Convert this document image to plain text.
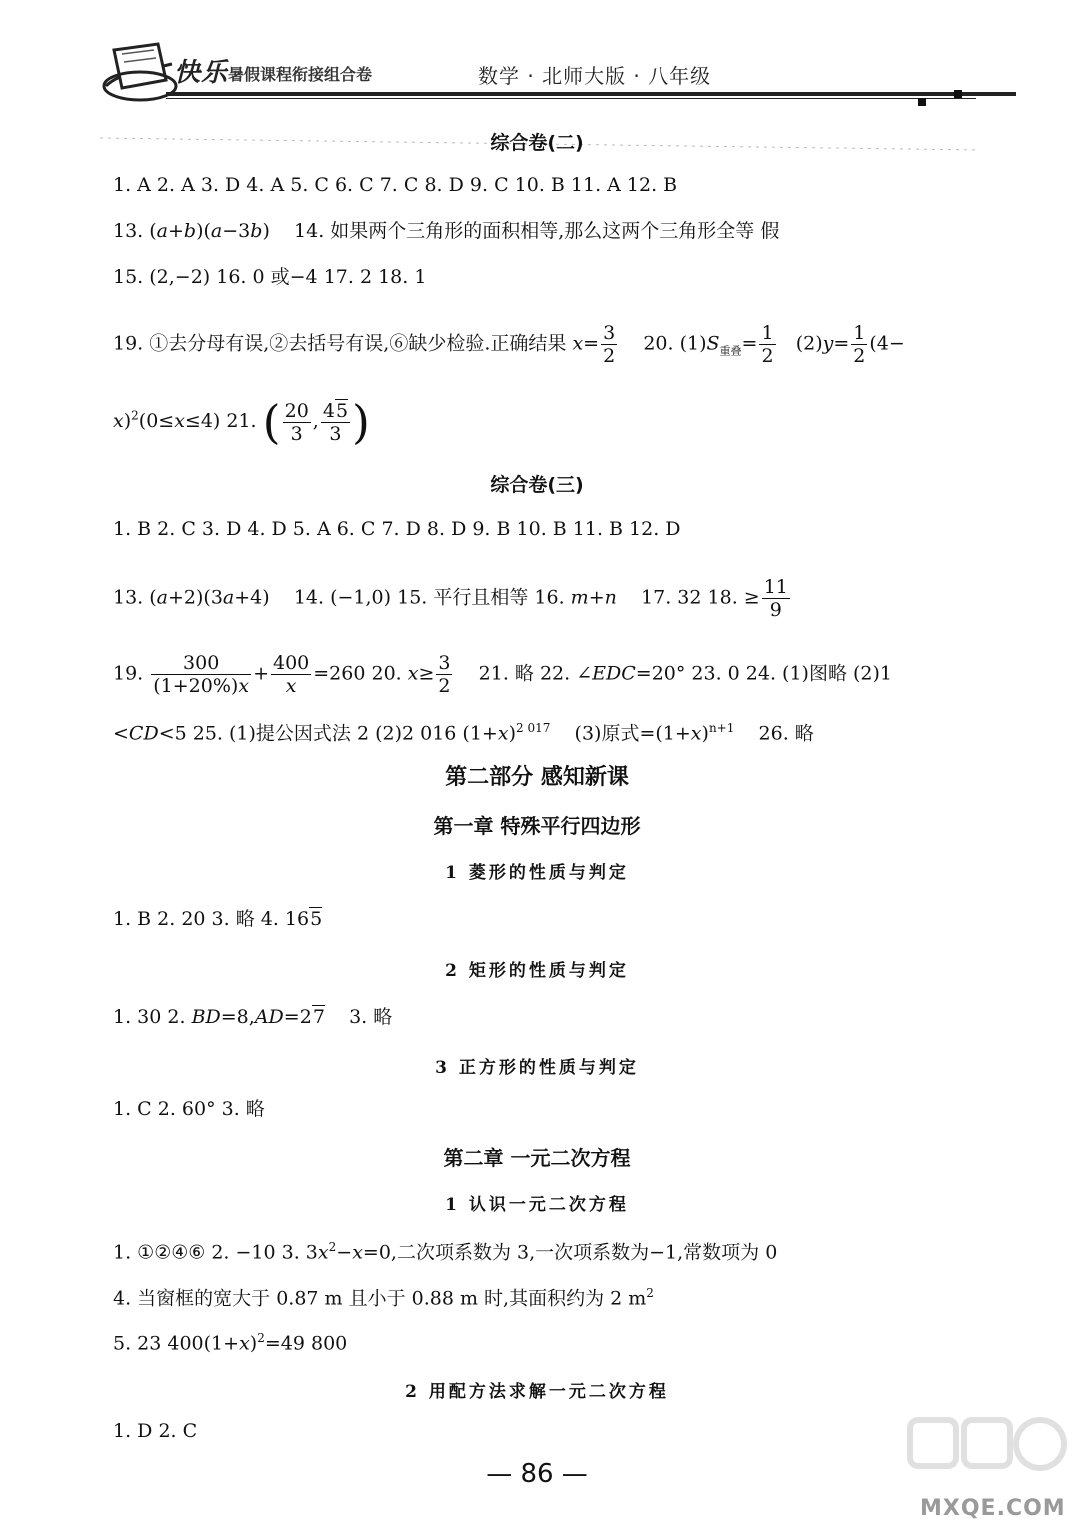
快乐 暑假课程衔接组合卷	数学 · 北师大版 · 八年级
综合卷(二)
1. A 2. A 3. D 4. A 5. C 6. C 7. C 8. D 9. C 10. B 11. A 12. B
13. (a+b)(a−3b)    14. 如果两个三角形的面积相等,那么这两个三角形全等 假
15. (2,−2) 16. 0 或−4 17. 2 18. 1
19. ①去分母有误,②去括号有误,⑥缺少检验.正确结果 $x= \frac{3}{2} 20$. $(1)S_{重叠}= \frac{1}{2} (2)y= \frac{1}{2} (4-$
x)$^2$(0≤x≤4) 21. ( $\frac{20}{3}$ , $\frac{45}{3}$ )
综合卷(三)
1. B 2. C 3. D 4. D 5. A 6. C 7. D 8. D 9. B 10. B 11. B 12. D
13. (a+2)(3a+4)    14. (−1,0) 15. 平行且相等 16. m+n 17. 32 18. ≥ $\frac{11}{9}$
19. $\frac{300}{(1+20\%)x} + \frac{400}{x} =260$ 20. $x\ge \frac{3}{2} 21$. 略 22. ∠EDC=20° 23. 0 24. (1)图略 (2)1
<CD<5 25. (1)提公因式法 2 (2)2 016 $(1+x)^{2 017}$ (3)原式$=(1+x)^{n+1}$ 26. 略
第二部分 感知新课
第一章 特殊平行四边形
1 菱形的性质与判定
1. B 2. 20 3. 略 4. 165
2 矩形的性质与判定
1. 30 2. BD=8,AD=27 3. 略
3 正方形的性质与判定
1. C 2. 60° 3. 略
第二章 一元二次方程
1 认识一元二次方程
1. ①②④⑥ 2. −10 3. $3x^2-x=0$,二次项系数为 3,一次项系数为−1,常数项为 0
4. 当窗框的宽大于 0.87 m 且小于 0.88 m 时,其面积约为 2 $m^2$
5. 23 $400(1+x)^2=49$ 800
2 用配方法求解一元二次方程
1. D 2. C
— 86 —
MXQE.COM
